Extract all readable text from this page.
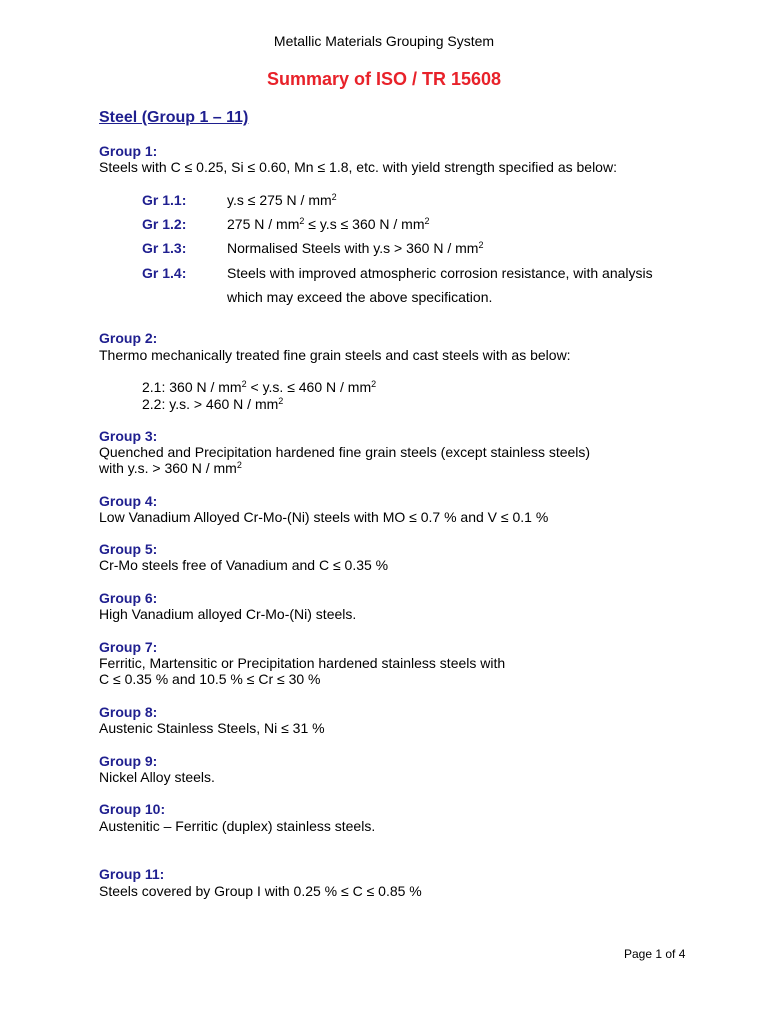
Metallic Materials Grouping System
Summary of ISO / TR 15608
Steel (Group 1 – 11)
Group 1:
Steels with C ≤ 0.25, Si ≤ 0.60, Mn ≤ 1.8, etc. with yield strength specified as below:
Gr 1.1:	y.s ≤ 275 N / $mm^2$
Gr 1.2:	275 $N / mm^2 \le y.s \le 360$ N / $mm^2$
Gr 1.3:	Normalised Steels with y.s > 360 N / $mm^2$
Gr 1.4:	Steels with improved atmospheric corrosion resistance, with analysis
which may exceed the above specification.
Group 2:
Thermo mechanically treated fine grain steels and cast steels with as below:
2.1: 360 $N / mm^2 < y.s$. ≤ 460 N / $mm^2$
2.2: y.s. > 460 N / $mm^2$
Group 3:
Quenched and Precipitation hardened fine grain steels (except stainless steels)
with y.s. > 360 N / $mm^2$
Group 4:
Low Vanadium Alloyed Cr-Mo-(Ni) steels with MO ≤ 0.7 % and V ≤ 0.1 %
Group 5:
Cr-Mo steels free of Vanadium and C ≤ 0.35 %
Group 6:
High Vanadium alloyed Cr-Mo-(Ni) steels.
Group 7:
Ferritic, Martensitic or Precipitation hardened stainless steels with
C ≤ 0.35 % and 10.5 % ≤ Cr ≤ 30 %
Group 8:
Austenic Stainless Steels, Ni ≤ 31 %
Group 9:
Nickel Alloy steels.
Group 10:
Austenitic – Ferritic (duplex) stainless steels.
Group 11:
Steels covered by Group I with 0.25 % ≤ C ≤ 0.85 %
Page 1 of 4
